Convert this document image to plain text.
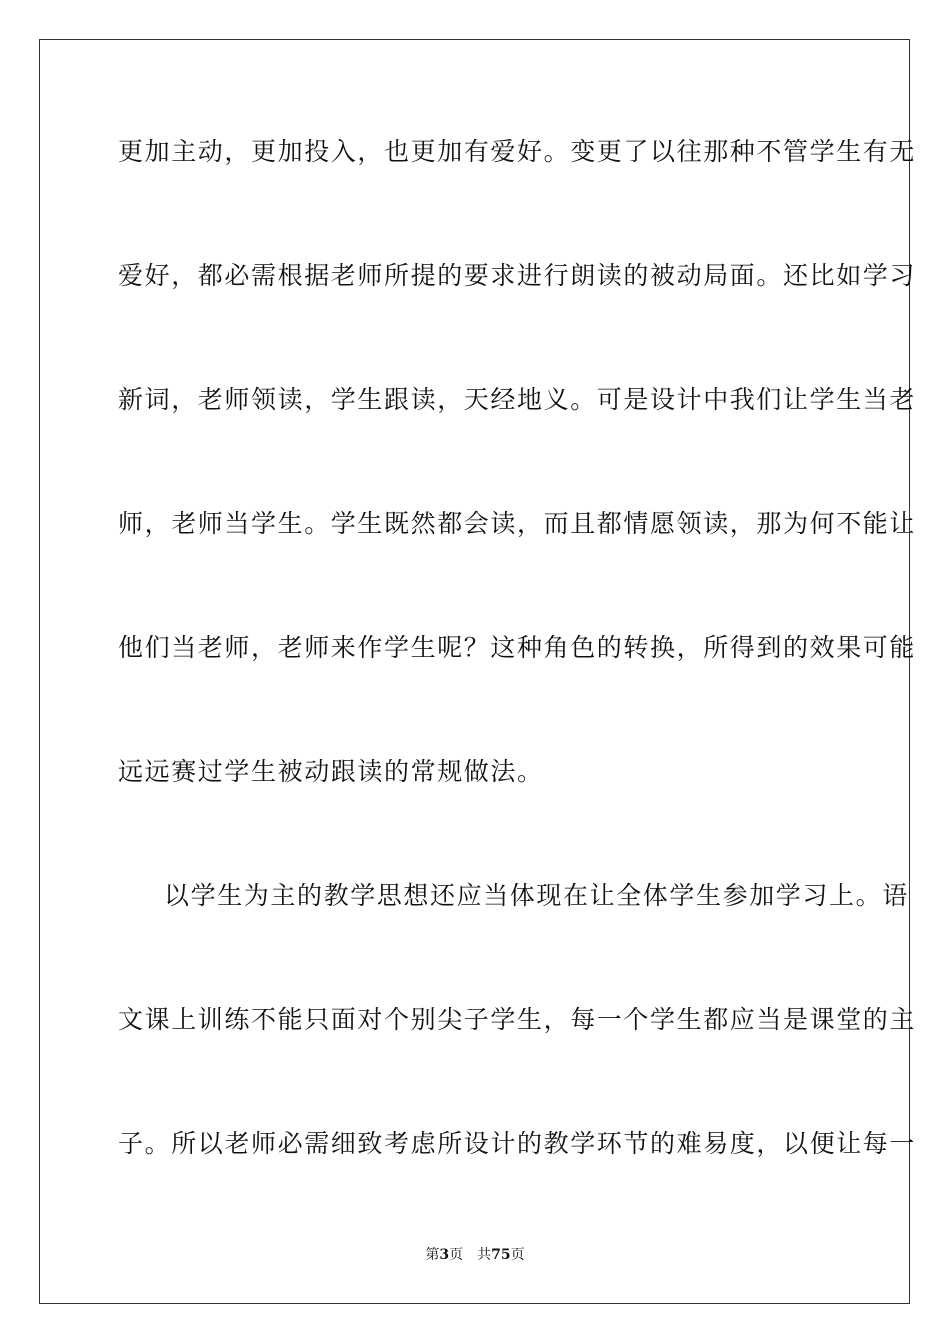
更加主动，更加投入，也更加有爱好。变更了以往那种不管学生有无
爱好，都必需根据老师所提的要求进行朗读的被动局面。还比如学习
新词，老师领读，学生跟读，天经地义。可是设计中我们让学生当老
师，老师当学生。学生既然都会读，而且都情愿领读，那为何不能让
他们当老师，老师来作学生呢？这种角色的转换，所得到的效果可能
远远赛过学生被动跟读的常规做法。
以学生为主的教学思想还应当体现在让全体学生参加学习上。语
文课上训练不能只面对个别尖子学生，每一个学生都应当是课堂的主
子。所以老师必需细致考虑所设计的教学环节的难易度，以便让每一
第3页 共75页
